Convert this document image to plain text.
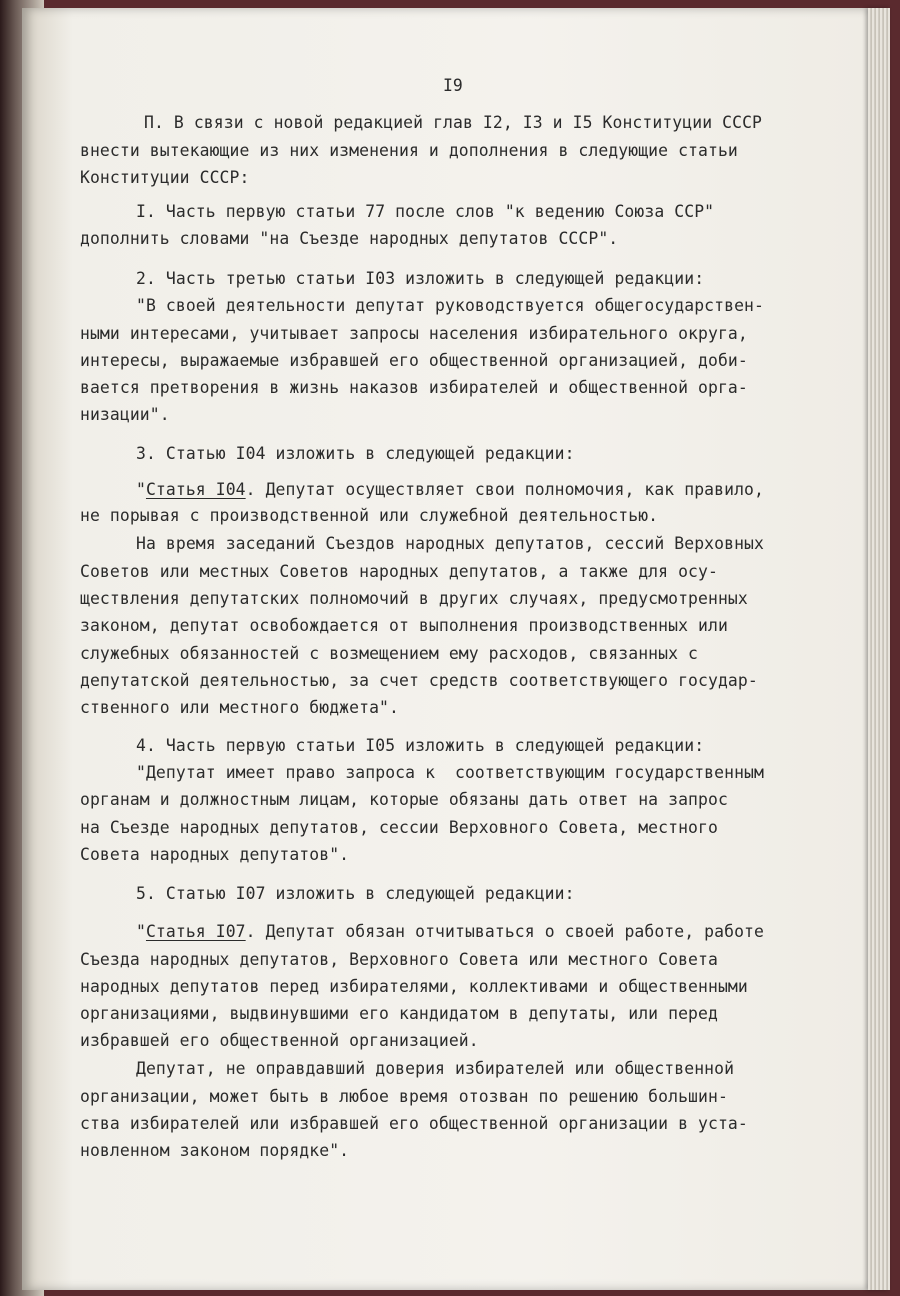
I9
П. В связи с новой редакцией глав I2, I3 и I5 Конституции СССР
внести вытекающие из них изменения и дополнения в следующие статьи
Конституции СССР:
I. Часть первую статьи 77 после слов "к ведению Союза ССР"
дополнить словами "на Съезде народных депутатов СССР".
2. Часть третью статьи I03 изложить в следующей редакции:
"В своей деятельности депутат руководствуется общегосударствен-
ными интересами, учитывает запросы населения избирательного округа,
интересы, выражаемые избравшей его общественной организацией, доби-
вается претворения в жизнь наказов избирателей и общественной орга-
низации".
3. Статью I04 изложить в следующей редакции:
"Статья I04. Депутат осуществляет свои полномочия, как правило,
не порывая с производственной или служебной деятельностью.
На время заседаний Съездов народных депутатов, сессий Верховных
Советов или местных Советов народных депутатов, а также для осу-
ществления депутатских полномочий в других случаях, предусмотренных
законом, депутат освобождается от выполнения производственных или
служебных обязанностей с возмещением ему расходов, связанных с
депутатской деятельностью, за счет средств соответствующего государ-
ственного или местного бюджета".
4. Часть первую статьи I05 изложить в следующей редакции:
"Депутат имеет право запроса к  соответствующим государственным
органам и должностным лицам, которые обязаны дать ответ на запрос
на Съезде народных депутатов, сессии Верховного Совета, местного
Совета народных депутатов".
5. Статью I07 изложить в следующей редакции:
"Статья I07. Депутат обязан отчитываться о своей работе, работе
Съезда народных депутатов, Верховного Совета или местного Совета
народных депутатов перед избирателями, коллективами и общественными
организациями, выдвинувшими его кандидатом в депутаты, или перед
избравшей его общественной организацией.
Депутат, не оправдавший доверия избирателей или общественной
организации, может быть в любое время отозван по решению большин-
ства избирателей или избравшей его общественной организации в уста-
новленном законом порядке".
